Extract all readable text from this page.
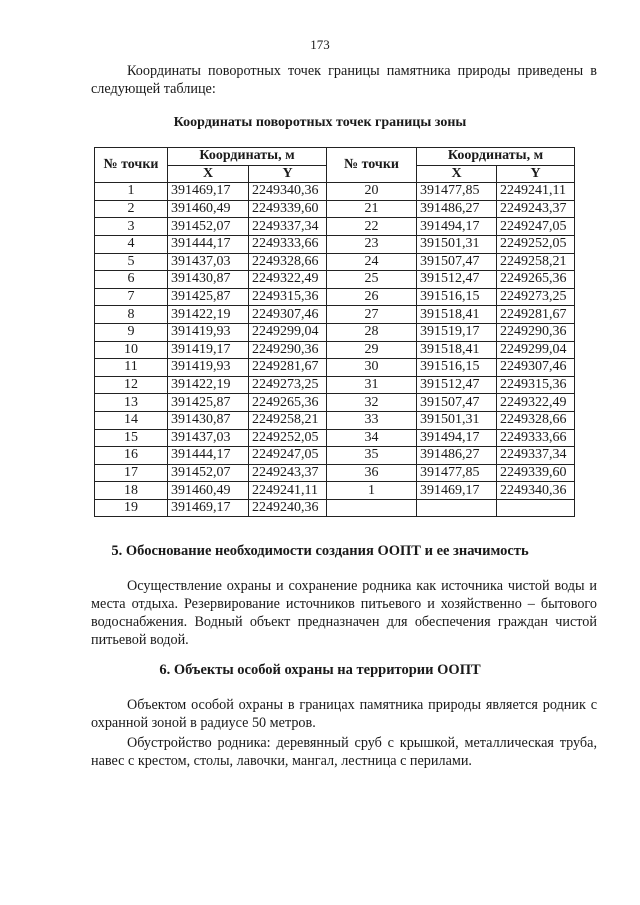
173
Координаты поворотных точек границы памятника природы приведены в следующей таблице:
Координаты поворотных точек границы зоны
№ точки	Координаты, м		№ точки	Координаты, м	
	X	Y		X	Y
1	391469,17	2249340,36	20	391477,85	2249241,11
2	391460,49	2249339,60	21	391486,27	2249243,37
3	391452,07	2249337,34	22	391494,17	2249247,05
4	391444,17	2249333,66	23	391501,31	2249252,05
5	391437,03	2249328,66	24	391507,47	2249258,21
6	391430,87	2249322,49	25	391512,47	2249265,36
7	391425,87	2249315,36	26	391516,15	2249273,25
8	391422,19	2249307,46	27	391518,41	2249281,67
9	391419,93	2249299,04	28	391519,17	2249290,36
10	391419,17	2249290,36	29	391518,41	2249299,04
11	391419,93	2249281,67	30	391516,15	2249307,46
12	391422,19	2249273,25	31	391512,47	2249315,36
13	391425,87	2249265,36	32	391507,47	2249322,49
14	391430,87	2249258,21	33	391501,31	2249328,66
15	391437,03	2249252,05	34	391494,17	2249333,66
16	391444,17	2249247,05	35	391486,27	2249337,34
17	391452,07	2249243,37	36	391477,85	2249339,60
18	391460,49	2249241,11	1	391469,17	2249340,36
19	391469,17	2249240,36			
5. Обоснование необходимости создания ООПТ и ее значимость
Осуществление охраны и сохранение родника как источника чистой воды и места отдыха. Резервирование источников питьевого и хозяйственно – бытового водоснабжения. Водный объект предназначен для обеспечения граждан чистой питьевой водой.
6. Объекты особой охраны на территории ООПТ
Объектом особой охраны в границах памятника природы является родник с охранной зоной в радиусе 50 метров.
Обустройство родника: деревянный сруб с крышкой, металлическая труба, навес с крестом, столы, лавочки, мангал, лестница с перилами.
